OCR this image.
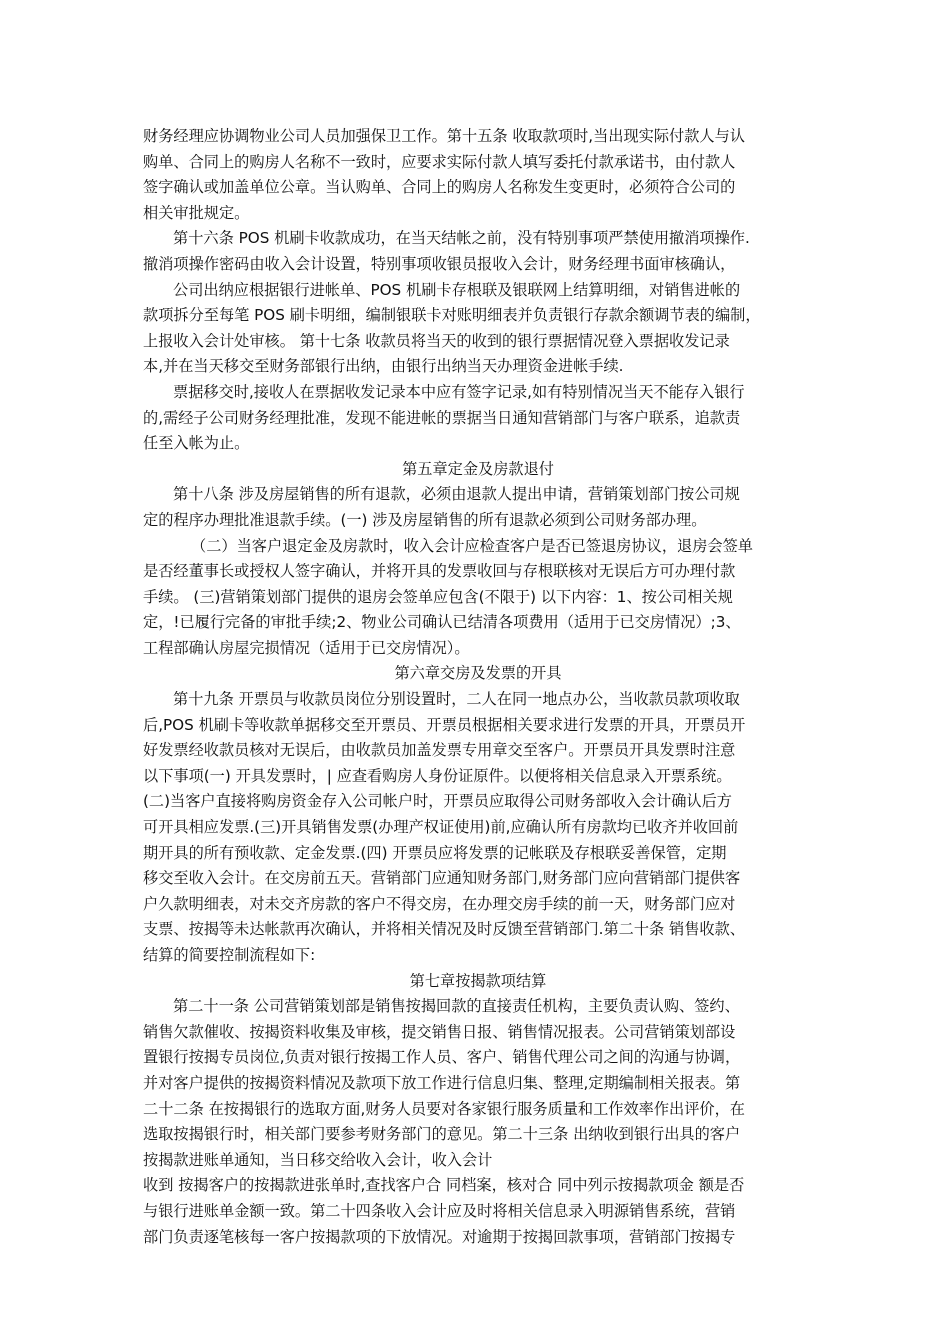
财务经理应协调物业公司人员加强保卫工作。第十五条 收取款项时,当出现实际付款人与认
购单、合同上的购房人名称不一致时，应要求实际付款人填写委托付款承诺书，由付款人
签字确认或加盖单位公章。当认购单、合同上的购房人名称发生变更时，必须符合公司的
相关审批规定。
第十六条 POS 机刷卡收款成功，在当天结帐之前，没有特别事项严禁使用撤消项操作.
撤消项操作密码由收入会计设置，特别事项收银员报收入会计，财务经理书面审核确认，
公司出纳应根据银行进帐单、POS 机刷卡存根联及银联网上结算明细，对销售进帐的
款项拆分至每笔 POS 刷卡明细，编制银联卡对账明细表并负责银行存款余额调节表的编制，
上报收入会计处审核。 第十七条 收款员将当天的收到的银行票据情况登入票据收发记录
本,并在当天移交至财务部银行出纳，由银行出纳当天办理资金进帐手续.
票据移交时,接收人在票据收发记录本中应有签字记录,如有特别情况当天不能存入银行
的,需经子公司财务经理批准，发现不能进帐的票据当日通知营销部门与客户联系，追款责
任至入帐为止。
第五章定金及房款退付
第十八条 涉及房屋销售的所有退款，必须由退款人提出申请，营销策划部门按公司规
定的程序办理批准退款手续。(一) 涉及房屋销售的所有退款必须到公司财务部办理。
（二）当客户退定金及房款时，收入会计应检查客户是否已签退房协议，退房会签单
是否经董事长或授权人签字确认，并将开具的发票收回与存根联核对无误后方可办理付款
手续。 (三)营销策划部门提供的退房会签单应包含(不限于) 以下内容：1、按公司相关规
定，!已履行完备的审批手续;2、物业公司确认已结清各项费用（适用于已交房情况）;3、
工程部确认房屋完损情况（适用于已交房情况）。
第六章交房及发票的开具
第十九条 开票员与收款员岗位分别设置时，二人在同一地点办公，当收款员款项收取
后,POS 机刷卡等收款单据移交至开票员、开票员根据相关要求进行发票的开具，开票员开
好发票经收款员核对无误后，由收款员加盖发票专用章交至客户。开票员开具发票时注意
以下事项(一) 开具发票时，| 应查看购房人身份证原件。以便将相关信息录入开票系统。
(二)当客户直接将购房资金存入公司帐户时，开票员应取得公司财务部收入会计确认后方
可开具相应发票.(三)开具销售发票(办理产权证使用)前,应确认所有房款均已收齐并收回前
期开具的所有预收款、定金发票.(四) 开票员应将发票的记帐联及存根联妥善保管，定期
移交至收入会计。在交房前五天。营销部门应通知财务部门,财务部门应向营销部门提供客
户久款明细表，对未交齐房款的客户不得交房，在办理交房手续的前一天，财务部门应对
支票、按揭等未达帐款再次确认，并将相关情况及时反馈至营销部门.第二十条 销售收款、
结算的简要控制流程如下:
第七章按揭款项结算
第二十一条 公司营销策划部是销售按揭回款的直接责任机构，主要负责认购、签约、
销售欠款催收、按揭资料收集及审核，提交销售日报、销售情况报表。公司营销策划部设
置银行按揭专员岗位,负责对银行按揭工作人员、客户、销售代理公司之间的沟通与协调，
并对客户提供的按揭资料情况及款项下放工作进行信息归集、整理,定期编制相关报表。第
二十二条 在按揭银行的选取方面,财务人员要对各家银行服务质量和工作效率作出评价，在
选取按揭银行时，相关部门要参考财务部门的意见。第二十三条 出纳收到银行出具的客户
按揭款进账单通知，当日移交给收入会计，收入会计
收到 按揭客户的按揭款进张单时,查找客户合 同档案，核对合 同中列示按揭款项金 额是否
与银行进账单金额一致。第二十四条收入会计应及时将相关信息录入明源销售系统，营销
部门负责逐笔核每一客户按揭款项的下放情况。对逾期于按揭回款事项，营销部门按揭专
